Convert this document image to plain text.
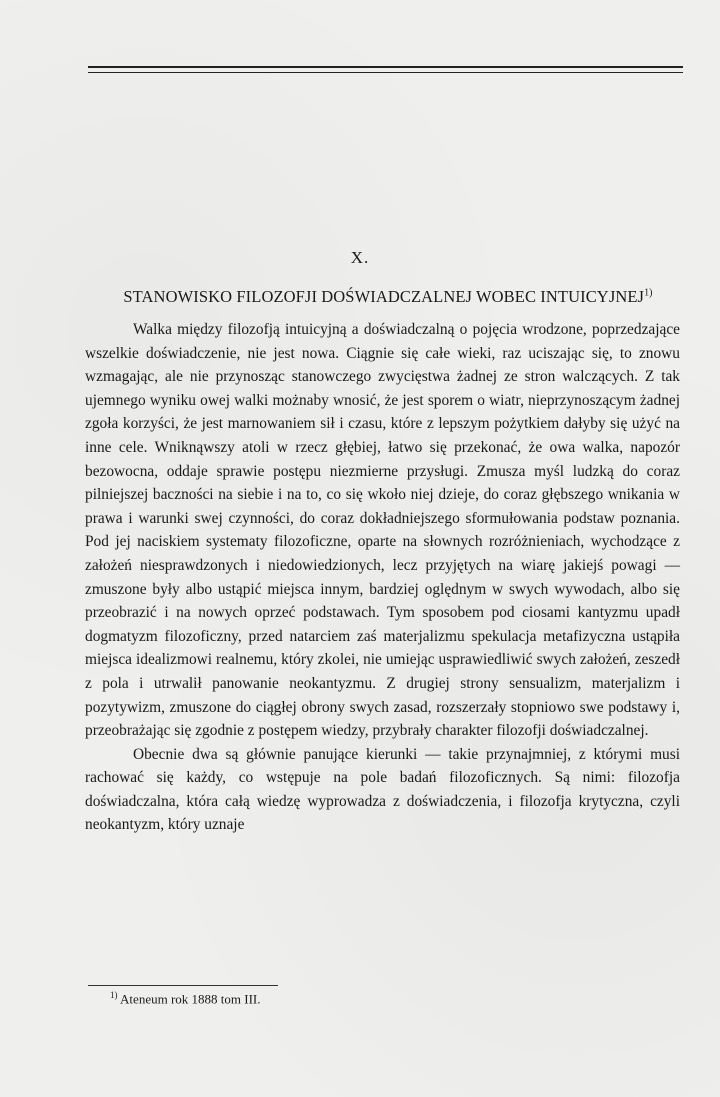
X.
STANOWISKO FILOZOFJI DOŚWIADCZALNEJ WOBEC INTUICYJNEJ$^{1)}$

Walka między filozofją intuicyjną a doświadczalną o pojęcia wrodzone, poprzedzające wszelkie doświadczenie, nie jest nowa. Ciągnie się całe wieki, raz uciszając się, to znowu wzmagając, ale nie przynosząc stanowczego zwycięstwa żadnej ze stron walczących. Z tak ujemnego wyniku owej walki możnaby wnosić, że jest sporem o wiatr, nieprzynoszącym żadnej zgoła korzyści, że jest marnowaniem sił i czasu, które z lepszym pożytkiem dałyby się użyć na inne cele. Wniknąwszy atoli w rzecz głębiej, łatwo się przekonać, że owa walka, napozór bezowocna, oddaje sprawie postępu niezmierne przysługi. Zmusza myśl ludzką do coraz pilniejszej baczności na siebie i na to, co się wkoło niej dzieje, do coraz głębszego wnikania w prawa i warunki swej czynności, do coraz dokładniejszego sformułowania podstaw poznania. Pod jej naciskiem systematy filozoficzne, oparte na słownych rozróżnieniach, wychodzące z założeń niesprawdzonych i niedowiedzionych, lecz przyjętych na wiarę jakiejś powagi — zmuszone były albo ustąpić miejsca innym, bardziej oględnym w swych wywodach, albo się przeobrazić i na nowych oprzeć podstawach. Tym sposobem pod ciosami kantyzmu upadł dogmatyzm filozoficzny, przed natarciem zaś materjalizmu spekulacja metafizyczna ustąpiła miejsca idealizmowi realnemu, który zkolei, nie umiejąc usprawiedliwić swych założeń, zeszedł z pola i utrwalił panowanie neokantyzmu. Z drugiej strony sensualizm, materjalizm i pozytywizm, zmuszone do ciągłej obrony swych zasad, rozszerzały stopniowo swe podstawy i, przeobrażając się zgodnie z postępem wiedzy, przybrały charakter filozofji doświadczalnej.

Obecnie dwa są głównie panujące kierunki — takie przynajmniej, z którymi musi rachować się każdy, co wstępuje na pole badań filozoficznych. Są nimi: filozofja doświadczalna, która całą wiedzę wyprowadza z doświadczenia, i filozofja krytyczna, czyli neokantyzm, który uznaje

$^{1)}$ Ateneum rok 1888 tom III.
